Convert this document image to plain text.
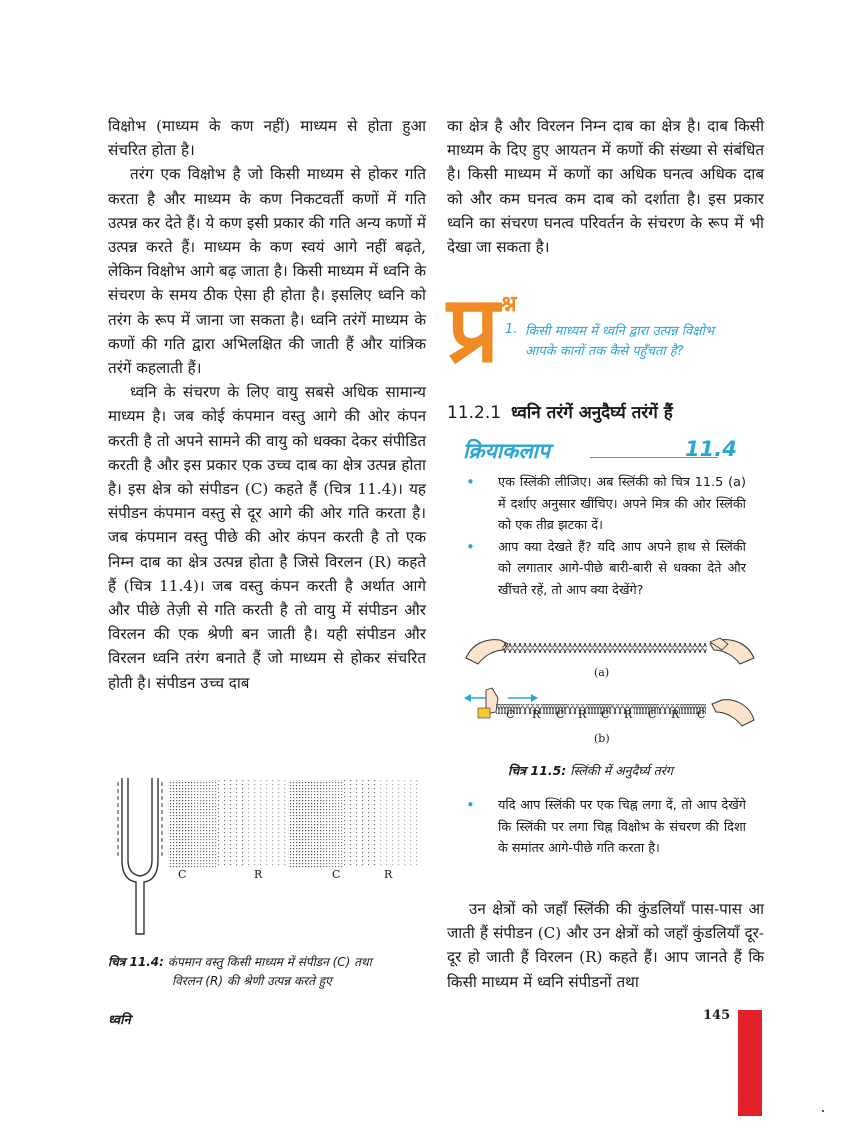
विक्षोभ (माध्यम के कण नहीं) माध्यम से होता हुआ संचरित होता है।

तरंग एक विक्षोभ है जो किसी माध्यम से होकर गति करता है और माध्यम के कण निकटवर्ती कणों में गति उत्पन्न कर देते हैं। ये कण इसी प्रकार की गति अन्य कणों में उत्पन्न करते हैं। माध्यम के कण स्वयं आगे नहीं बढ़ते, लेकिन विक्षोभ आगे बढ़ जाता है। किसी माध्यम में ध्वनि के संचरण के समय ठीक ऐसा ही होता है। इसलिए ध्वनि को तरंग के रूप में जाना जा सकता है। ध्वनि तरंगें माध्यम के कणों की गति द्वारा अभिलक्षित की जाती हैं और यांत्रिक तरंगें कहलाती हैं।

ध्वनि के संचरण के लिए वायु सबसे अधिक सामान्य माध्यम है। जब कोई कंपमान वस्तु आगे की ओर कंपन करती है तो अपने सामने की वायु को धक्का देकर संपीडित करती है और इस प्रकार एक उच्च दाब का क्षेत्र उत्पन्न होता है। इस क्षेत्र को संपीडन (C) कहते हैं (चित्र 11.4)। यह संपीडन कंपमान वस्तु से दूर आगे की ओर गति करता है। जब कंपमान वस्तु पीछे की ओर कंपन करती है तो एक निम्न दाब का क्षेत्र उत्पन्न होता है जिसे विरलन (R) कहते हैं (चित्र 11.4)। जब वस्तु कंपन करती है अर्थात आगे और पीछे तेज़ी से गति करती है तो वायु में संपीडन और विरलन की एक श्रेणी बन जाती है। यही संपीडन और विरलन ध्वनि तरंग बनाते हैं जो माध्यम से होकर संचरित होती है। संपीडन उच्च दाब

का क्षेत्र है और विरलन निम्न दाब का क्षेत्र है। दाब किसी माध्यम के दिए हुए आयतन में कणों की संख्या से संबंधित है। किसी माध्यम में कणों का अधिक घनत्व अधिक दाब को और कम घनत्व कम दाब को दर्शाता है। इस प्रकार ध्वनि का संचरण घनत्व परिवर्तन के संचरण के रूप में भी देखा जा सकता है।

प्र श्न
1. किसी माध्यम में ध्वनि द्वारा उत्पन्न विक्षोभ
आपके कानों तक कैसे पहुँचता है?
11.2.1 ध्वनि तरंगें अनुदैर्घ्य तरंगें हैं
क्रियाकलाप	11.4
• एक स्लिंकी लीजिए। अब स्लिंकी को चित्र 11.5 (a) में दर्शाए अनुसार खींचिए। अपने मित्र की ओर स्लिंकी को एक तीव्र झटका दें।
• आप क्या देखते हैं? यदि आप अपने हाथ से स्लिंकी को लगातार आगे-पीछे बारी-बारी से धक्का देते और खींचते रहें, तो आप क्या देखेंगे?
(a)
C R C R C R C R C
(b)
चित्र 11.5: स्लिंकी में अनुदैर्घ्य तरंग
• यदि आप स्लिंकी पर एक चिह्न लगा दें, तो आप देखेंगे कि स्लिंकी पर लगा चिह्न विक्षोभ के संचरण की दिशा के समांतर आगे-पीछे गति करता है।

उन क्षेत्रों को जहाँ स्लिंकी की कुंडलियाँ पास-पास आ जाती हैं संपीडन (C) और उन क्षेत्रों को जहाँ कुंडलियाँ दूर-दूर हो जाती हैं विरलन (R) कहते हैं। आप जानते हैं कि किसी माध्यम में ध्वनि संपीडनों तथा

C	R	C	R
चित्र 11.4: कंपमान वस्तु किसी माध्यम में संपीडन (C) तथा
विरलन (R) की श्रेणी उत्पन्न करते हुए
ध्वनि	145
